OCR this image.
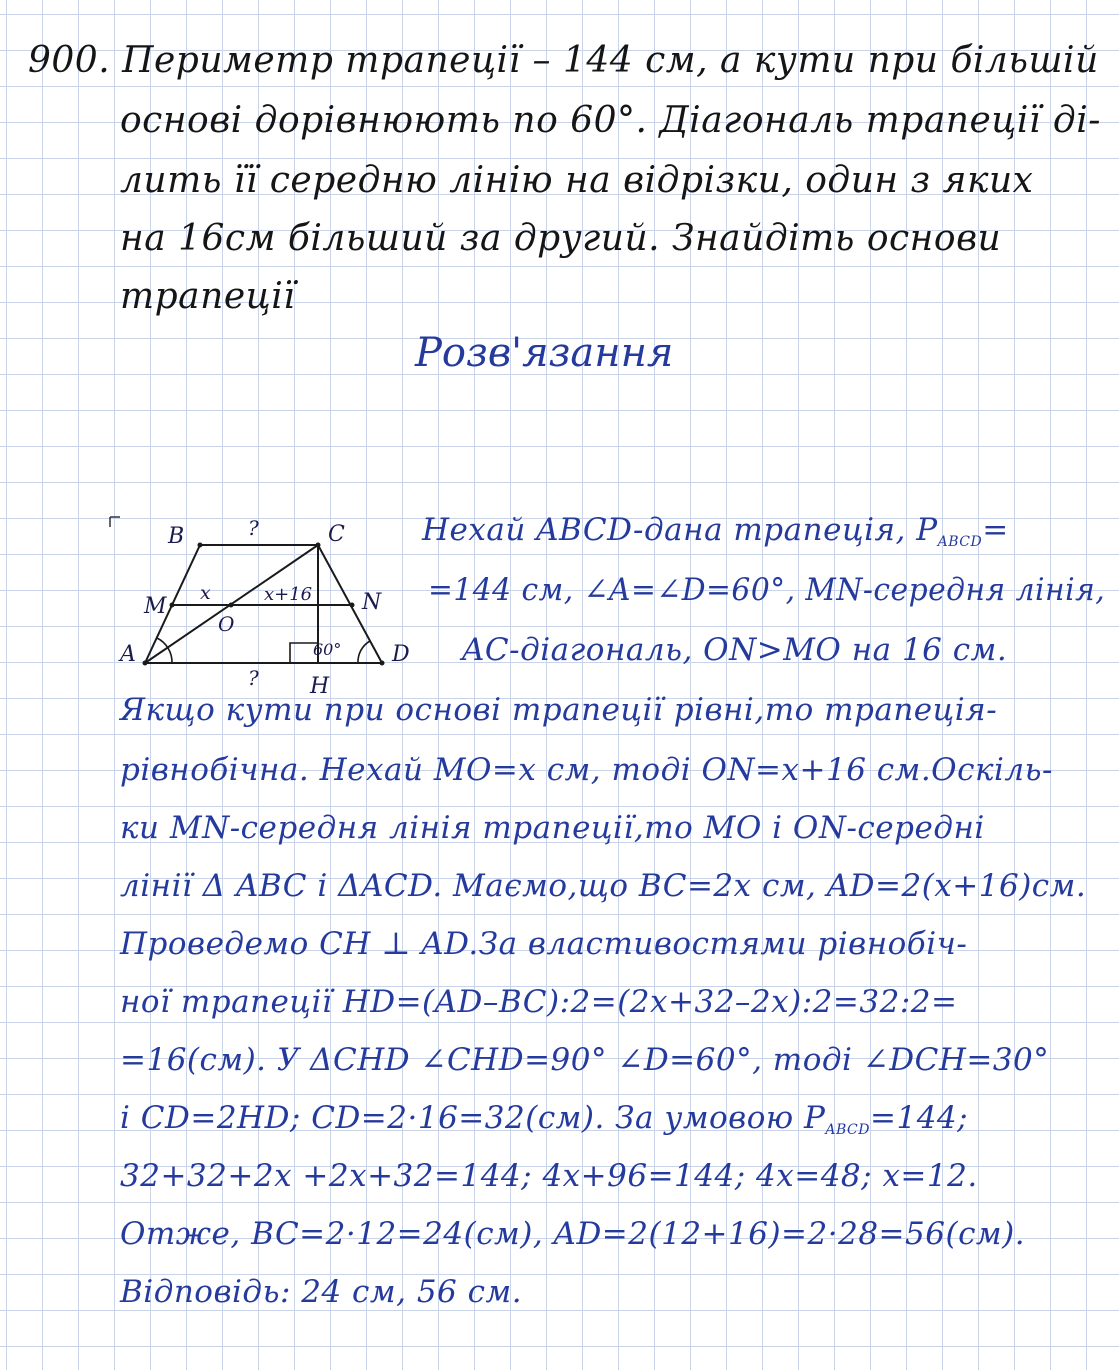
900. Периметр трапеції – 144 см, а кути при більшій
основі дорівнюють по 60°. Діагональ трапеції ді-
лить її середню лінію на відрізки, один з яких
на 16см більший за другий. Знайдіть основи
трапеції
Розв'язання
B	C
?
M	N
x	x+16
O
A	D
60°
? H
Нехай ABCD-дана трапеція, $P_{ABCD}=$
=144 см, ∠A=∠D=60°, MN-середня лінія,
AC-діагональ, ON>MO на 16 см.
Якщо кути при основі трапеції рівні,то трапеція-
рівнобічна. Нехай MO=x см, тоді ON=x+16 см.Оскіль-
ки MN-середня лінія трапеції,то MO і ON-середні
лінії Δ ABC і ΔACD. Маємо,що BC=2x см, AD=2(x+16)см.
Проведемо CH ⊥ AD.За властивостями рівнобіч-
ної трапеції HD=(AD–BC):2=(2x+32–2x):2=32:2=
=16(см). У ΔCHD ∠CHD=90° ∠D=60°, тоді ∠DCH=30°
і CD=2HD; CD=2·16=32(см). За умовою $P_{ABCD}=144$;
32+32+2x +2x+32=144; 4x+96=144; 4x=48; x=12.
Отже, BC=2·12=24(см), AD=2(12+16)=2·28=56(см).
Відповідь: 24 см, 56 см.
